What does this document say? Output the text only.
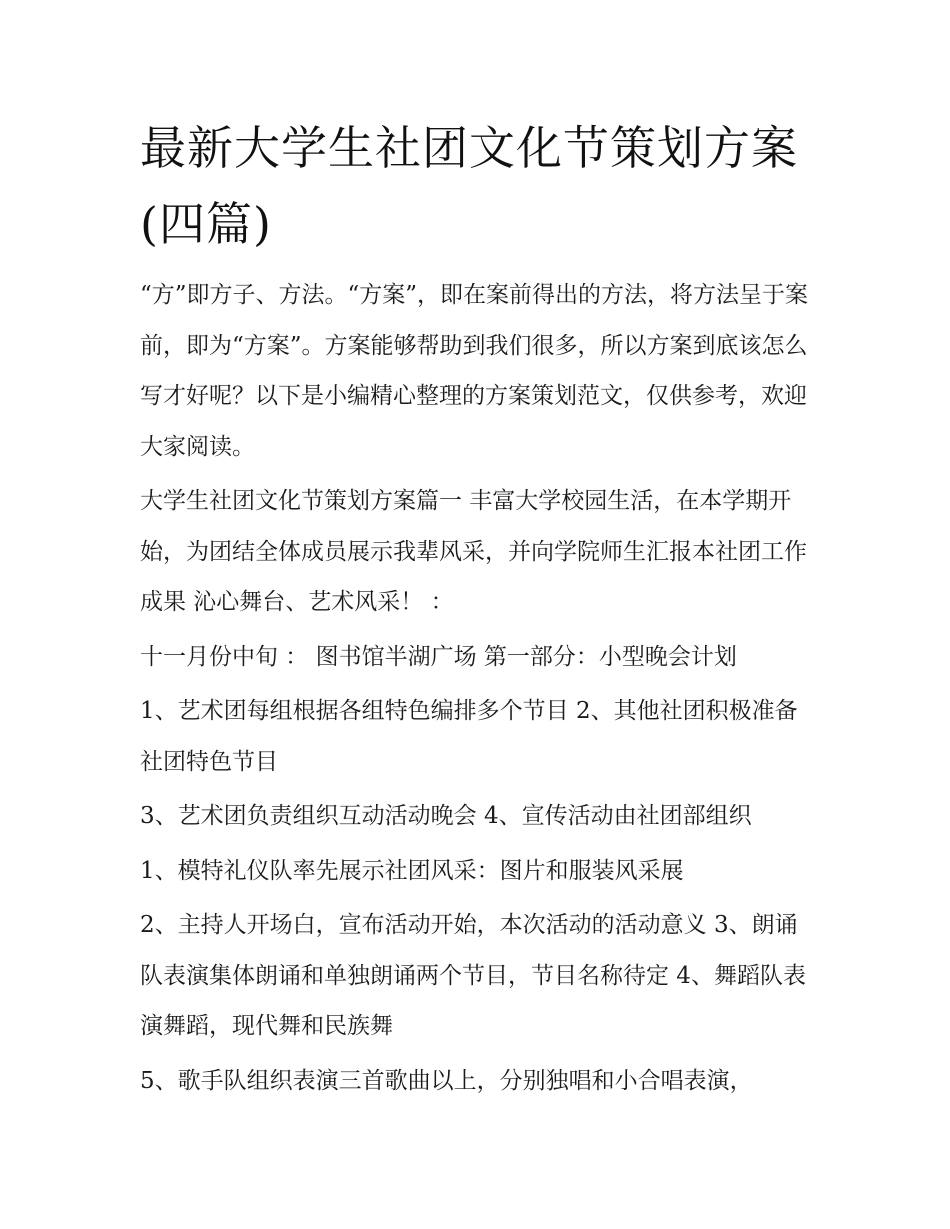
最新大学生社团文化节策划方案(四篇)

“方”即方子、方法。“方案”，即在案前得出的方法，将方法呈于案前，即为“方案”。方案能够帮助到我们很多，所以方案到底该怎么写才好呢？以下是小编精心整理的方案策划范文，仅供参考，欢迎大家阅读。

大学生社团文化节策划方案篇一 丰富大学校园生活，在本学期开始，为团结全体成员展示我辈风采，并向学院师生汇报本社团工作成果 沁心舞台、艺术风采！ ：

十一月份中旬 ： 图书馆半湖广场 第一部分：小型晚会计划

1、艺术团每组根据各组特色编排多个节目 2、其他社团积极准备社团特色节目

3、艺术团负责组织互动活动晚会 4、宣传活动由社团部组织

1、模特礼仪队率先展示社团风采：图片和服装风采展

2、主持人开场白，宣布活动开始，本次活动的活动意义 3、朗诵队表演集体朗诵和单独朗诵两个节目，节目名称待定 4、舞蹈队表演舞蹈，现代舞和民族舞

5、歌手队组织表演三首歌曲以上，分别独唱和小合唱表演，
